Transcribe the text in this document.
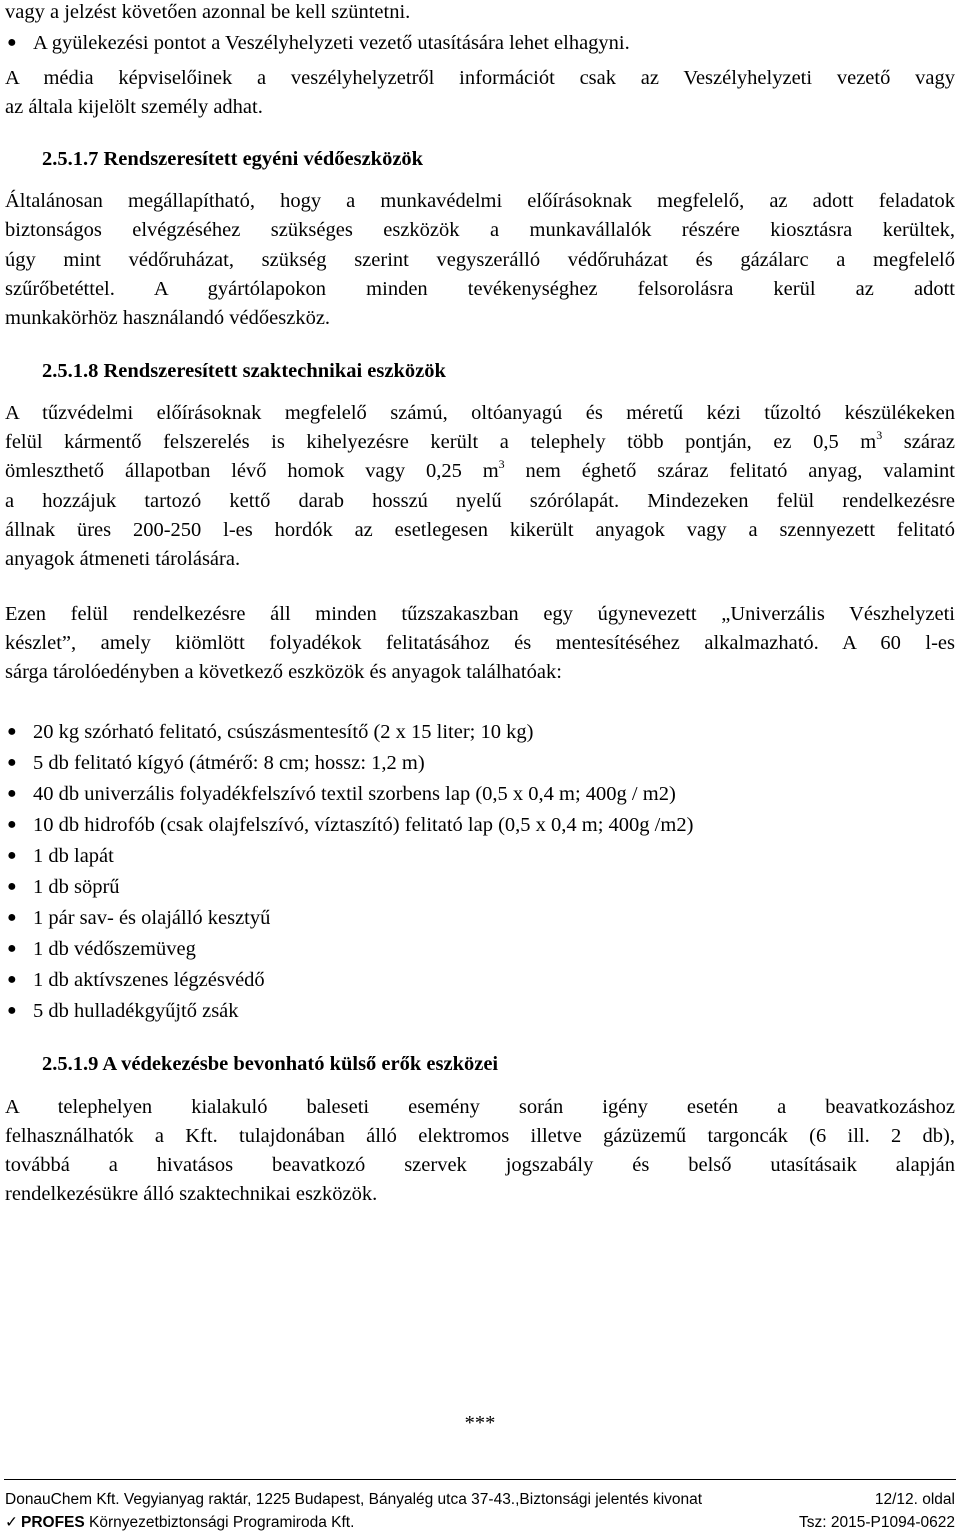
vagy a jelzést követően azonnal be kell szüntetni.
● A gyülekezési pontot a Veszélyhelyzeti vezető utasítására lehet elhagyni.
A média képviselőinek a veszélyhelyzetről információt csak az Veszélyhelyzeti vezető vagy
az általa kijelölt személy adhat.
2.5.1.7 Rendszeresített egyéni védőeszközök
Általánosan megállapítható, hogy a munkavédelmi előírásoknak megfelelő, az adott feladatok
biztonságos elvégzéséhez szükséges eszközök a munkavállalók részére kiosztásra kerültek,
úgy mint védőruházat, szükség szerint vegyszerálló védőruházat és gázálarc a megfelelő
szűrőbetéttel. A gyártólapokon minden tevékenységhez felsorolásra kerül az adott
munkakörhöz használandó védőeszköz.
2.5.1.8 Rendszeresített szaktechnikai eszközök
A tűzvédelmi előírásoknak megfelelő számú, oltóanyagú és méretű kézi tűzoltó készülékeken
felül kármentő felszerelés is kihelyezésre került a telephely több pontján, ez 0,5 $m^3$ száraz
ömleszthető állapotban lévő homok vagy 0,25 $m^3$ nem éghető száraz felitató anyag, valamint
a hozzájuk tartozó kettő darab hosszú nyelű szórólapát. Mindezeken felül rendelkezésre
állnak üres 200-250 l-es hordók az esetlegesen kikerült anyagok vagy a szennyezett felitató
anyagok átmeneti tárolására.
Ezen felül rendelkezésre áll minden tűzszakaszban egy úgynevezett „Univerzális Vészhelyzeti
készlet”, amely kiömlött folyadékok felitatásához és mentesítéséhez alkalmazható. A 60 l-es
sárga tárolóedényben a következő eszközök és anyagok találhatóak:
● 20 kg szórható felitató, csúszásmentesítő (2 x 15 liter; 10 kg)
● 5 db felitató kígyó (átmérő: 8 cm; hossz: 1,2 m)
● 40 db univerzális folyadékfelszívó textil szorbens lap (0,5 x 0,4 m; 400g / m2)
● 10 db hidrofób (csak olajfelszívó, víztaszító) felitató lap (0,5 x 0,4 m; 400g /m2)
● 1 db lapát
● 1 db söprű
● 1 pár sav- és olajálló kesztyű
● 1 db védőszemüveg
● 1 db aktívszenes légzésvédő
● 5 db hulladékgyűjtő zsák
2.5.1.9 A védekezésbe bevonható külső erők eszközei
A telephelyen kialakuló baleseti esemény során igény esetén a beavatkozáshoz
felhasználhatók a Kft. tulajdonában álló elektromos illetve gázüzemű targoncák (6 ill. 2 db),
továbbá a hivatásos beavatkozó szervek jogszabály és belső utasításaik alapján
rendelkezésükre álló szaktechnikai eszközök.
***
DonauChem Kft. Vegyianyag raktár, 1225 Budapest, Bányalég utca 37-43.,Biztonsági jelentés kivonat	12/12. oldal
✓ PROFES Környezetbiztonsági Programiroda Kft.	Tsz: 2015-P1094-0622
